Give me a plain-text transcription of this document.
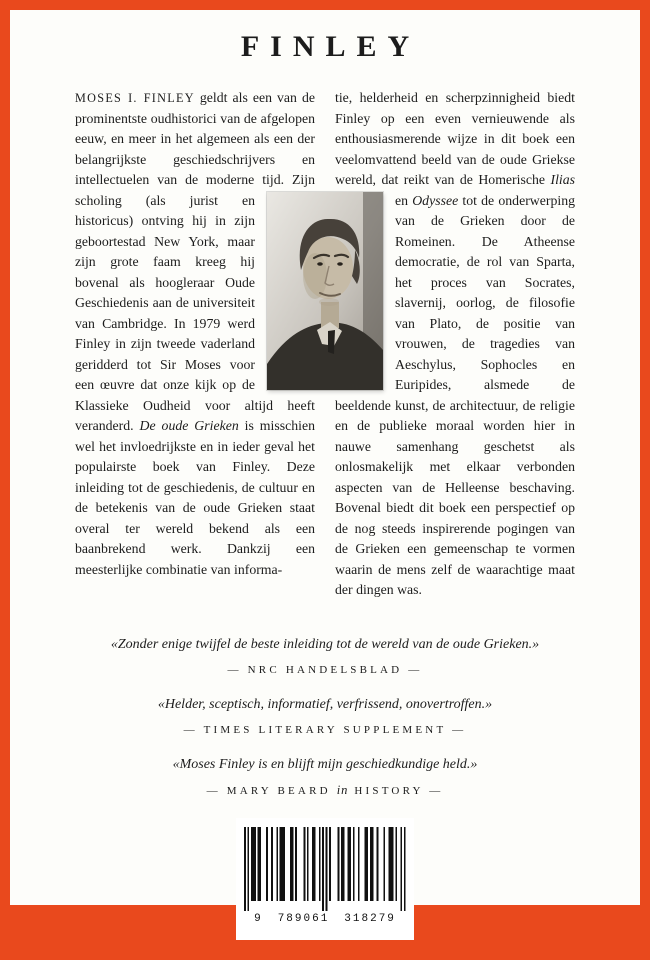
FINLEY

MOSES I. FINLEY geldt als een van de prominentste oudhistorici van de afgelopen eeuw, en meer in het algemeen als een der belangrijkste geschiedschrijvers en intellectuelen van de moderne tijd. Zijn scholing
(als jurist en historicus) ontving hij in zijn geboortestad New York, maar zijn grote faam kreeg hij bovenal als hoogleraar Oude Geschiedenis aan de universiteit van Cambridge. In 1979 werd Finley in zijn tweede vaderland geridderd tot Sir Moses voor een œuvre dat onze kijk op de Klassieke Oudheid voor altijd heeft veranderd. De oude Grieken is misschien wel het invloedrijkste en in ieder geval het populairste boek van Finley. Deze inleiding tot de geschiedenis, de cultuur en de betekenis van de oude Grieken staat overal ter wereld bekend als een baanbrekend werk. Dankzij een meesterlijke combinatie van informa-

tie, helderheid en scherpzinnigheid biedt Finley op een even vernieuwende als enthousiasmerende wijze in dit boek een veelomvattend beeld van de oude Griekse wereld, dat reikt van de Homerische Ilias en Odyssee tot de
onderwerping van de Grieken door de Romeinen. De Atheense democratie, de rol van Sparta, het proces van Socrates, slavernij, oorlog, de filosofie van Plato, de positie van vrouwen, de tragedies van Aeschylus, Sophocles en Euripides, alsmede de beeldende kunst, de architectuur, de religie en de publieke moraal worden hier in nauwe samenhang geschetst als onlosmakelijk met elkaar verbonden aspecten van de Helleense beschaving. Bovenal biedt dit boek een perspectief op de nog steeds inspirerende pogingen van de Grieken een gemeenschap te vormen waarin de mens zelf de waarachtige maat der dingen was.

«Zonder enige twijfel de beste inleiding tot de wereld van de oude Grieken.»
— NRC HANDELSBLAD —
«Helder, sceptisch, informatief, verfrissend, onovertroffen.»
— TIMES LITERARY SUPPLEMENT —
«Moses Finley is en blijft mijn geschiedkundige held.»
— MARY BEARD in HISTORY —
9 789061 318279
